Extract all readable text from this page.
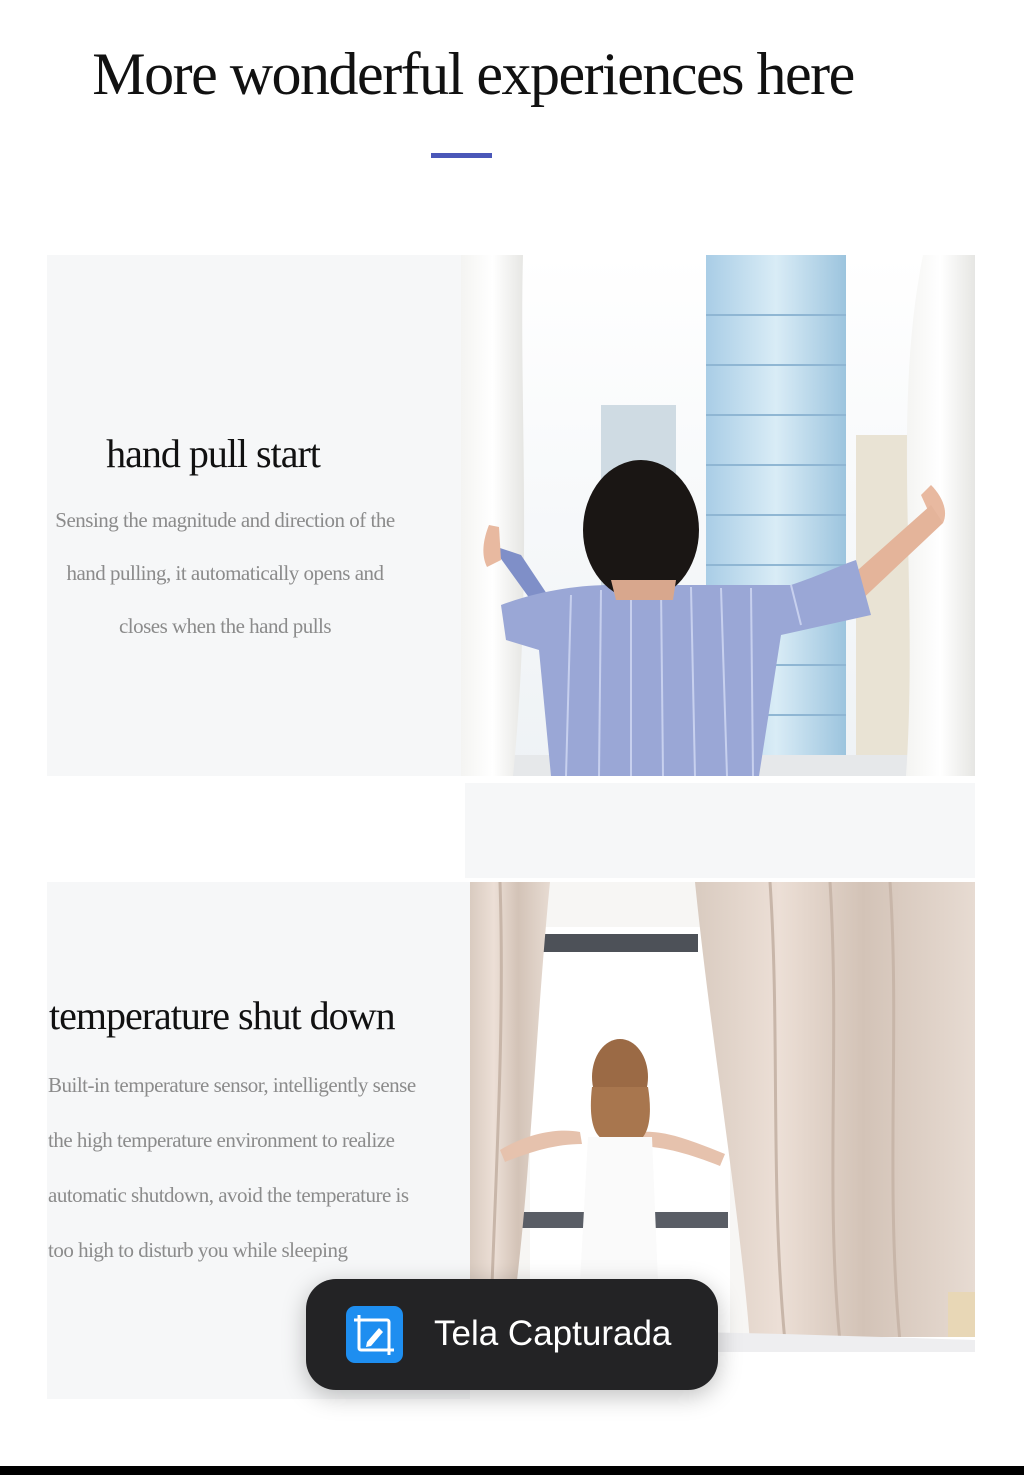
More wonderful experiences here
hand pull start
Sensing the magnitude and direction of the
hand pulling, it automatically opens and
closes when the hand pulls
temperature shut down
Built-in temperature sensor, intelligently sense
the high temperature environment to realize
automatic shutdown, avoid the temperature is
too high to disturb you while sleeping
Tela Capturada
